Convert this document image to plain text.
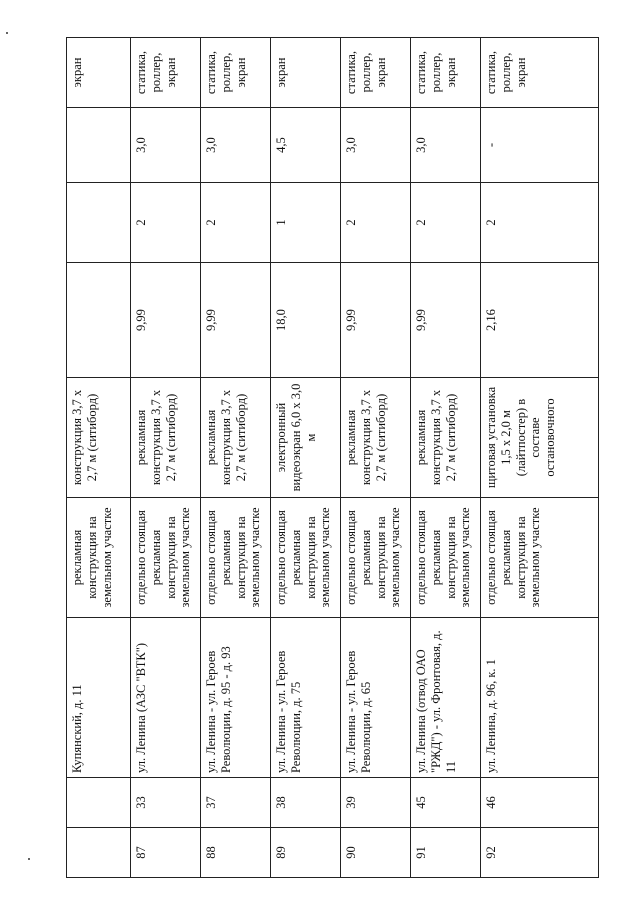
		Купянский, д. 11	рекламная конструкция на земельном участке	конструкция 3,7 х 2,7 м (ситиборд)				экран
87	33	ул. Ленина (АЗС "ВТК")	отдельно стоящая рекламная конструкция на земельном участке	рекламная конструкция 3,7 х 2,7 м (ситиборд)	9,99	2	3,0	статика, роллер, экран
88	37	ул. Ленина - ул. Героев Революции, д. 95 - д. 93	отдельно стоящая рекламная конструкция на земельном участке	рекламная конструкция 3,7 х 2,7 м (ситиборд)	9,99	2	3,0	статика, роллер, экран
89	38	ул. Ленина - ул. Героев Революции, д. 75	отдельно стоящая рекламная конструкция на земельном участке	электронный видеоэкран 6,0 х 3,0 м	18,0	1	4,5	экран
90	39	ул. Ленина - ул. Героев Революции, д. 65	отдельно стоящая рекламная конструкция на земельном участке	рекламная конструкция 3,7 х 2,7 м (ситиборд)	9,99	2	3,0	статика, роллер, экран
91	45	ул. Ленина (отвод ОАО "РЖД") - ул. Фронтовая, д. 11	отдельно стоящая рекламная конструкция на земельном участке	рекламная конструкция 3,7 х 2,7 м (ситиборд)	9,99	2	3,0	статика, роллер, экран
92	46	ул. Ленина, д. 96, к. 1	отдельно стоящая рекламная конструкция на земельном участке	щитовая установка 1,5 х 2,0 м (лайтпостер) в составе остановочного	2,16	2	-	статика, роллер, экран
